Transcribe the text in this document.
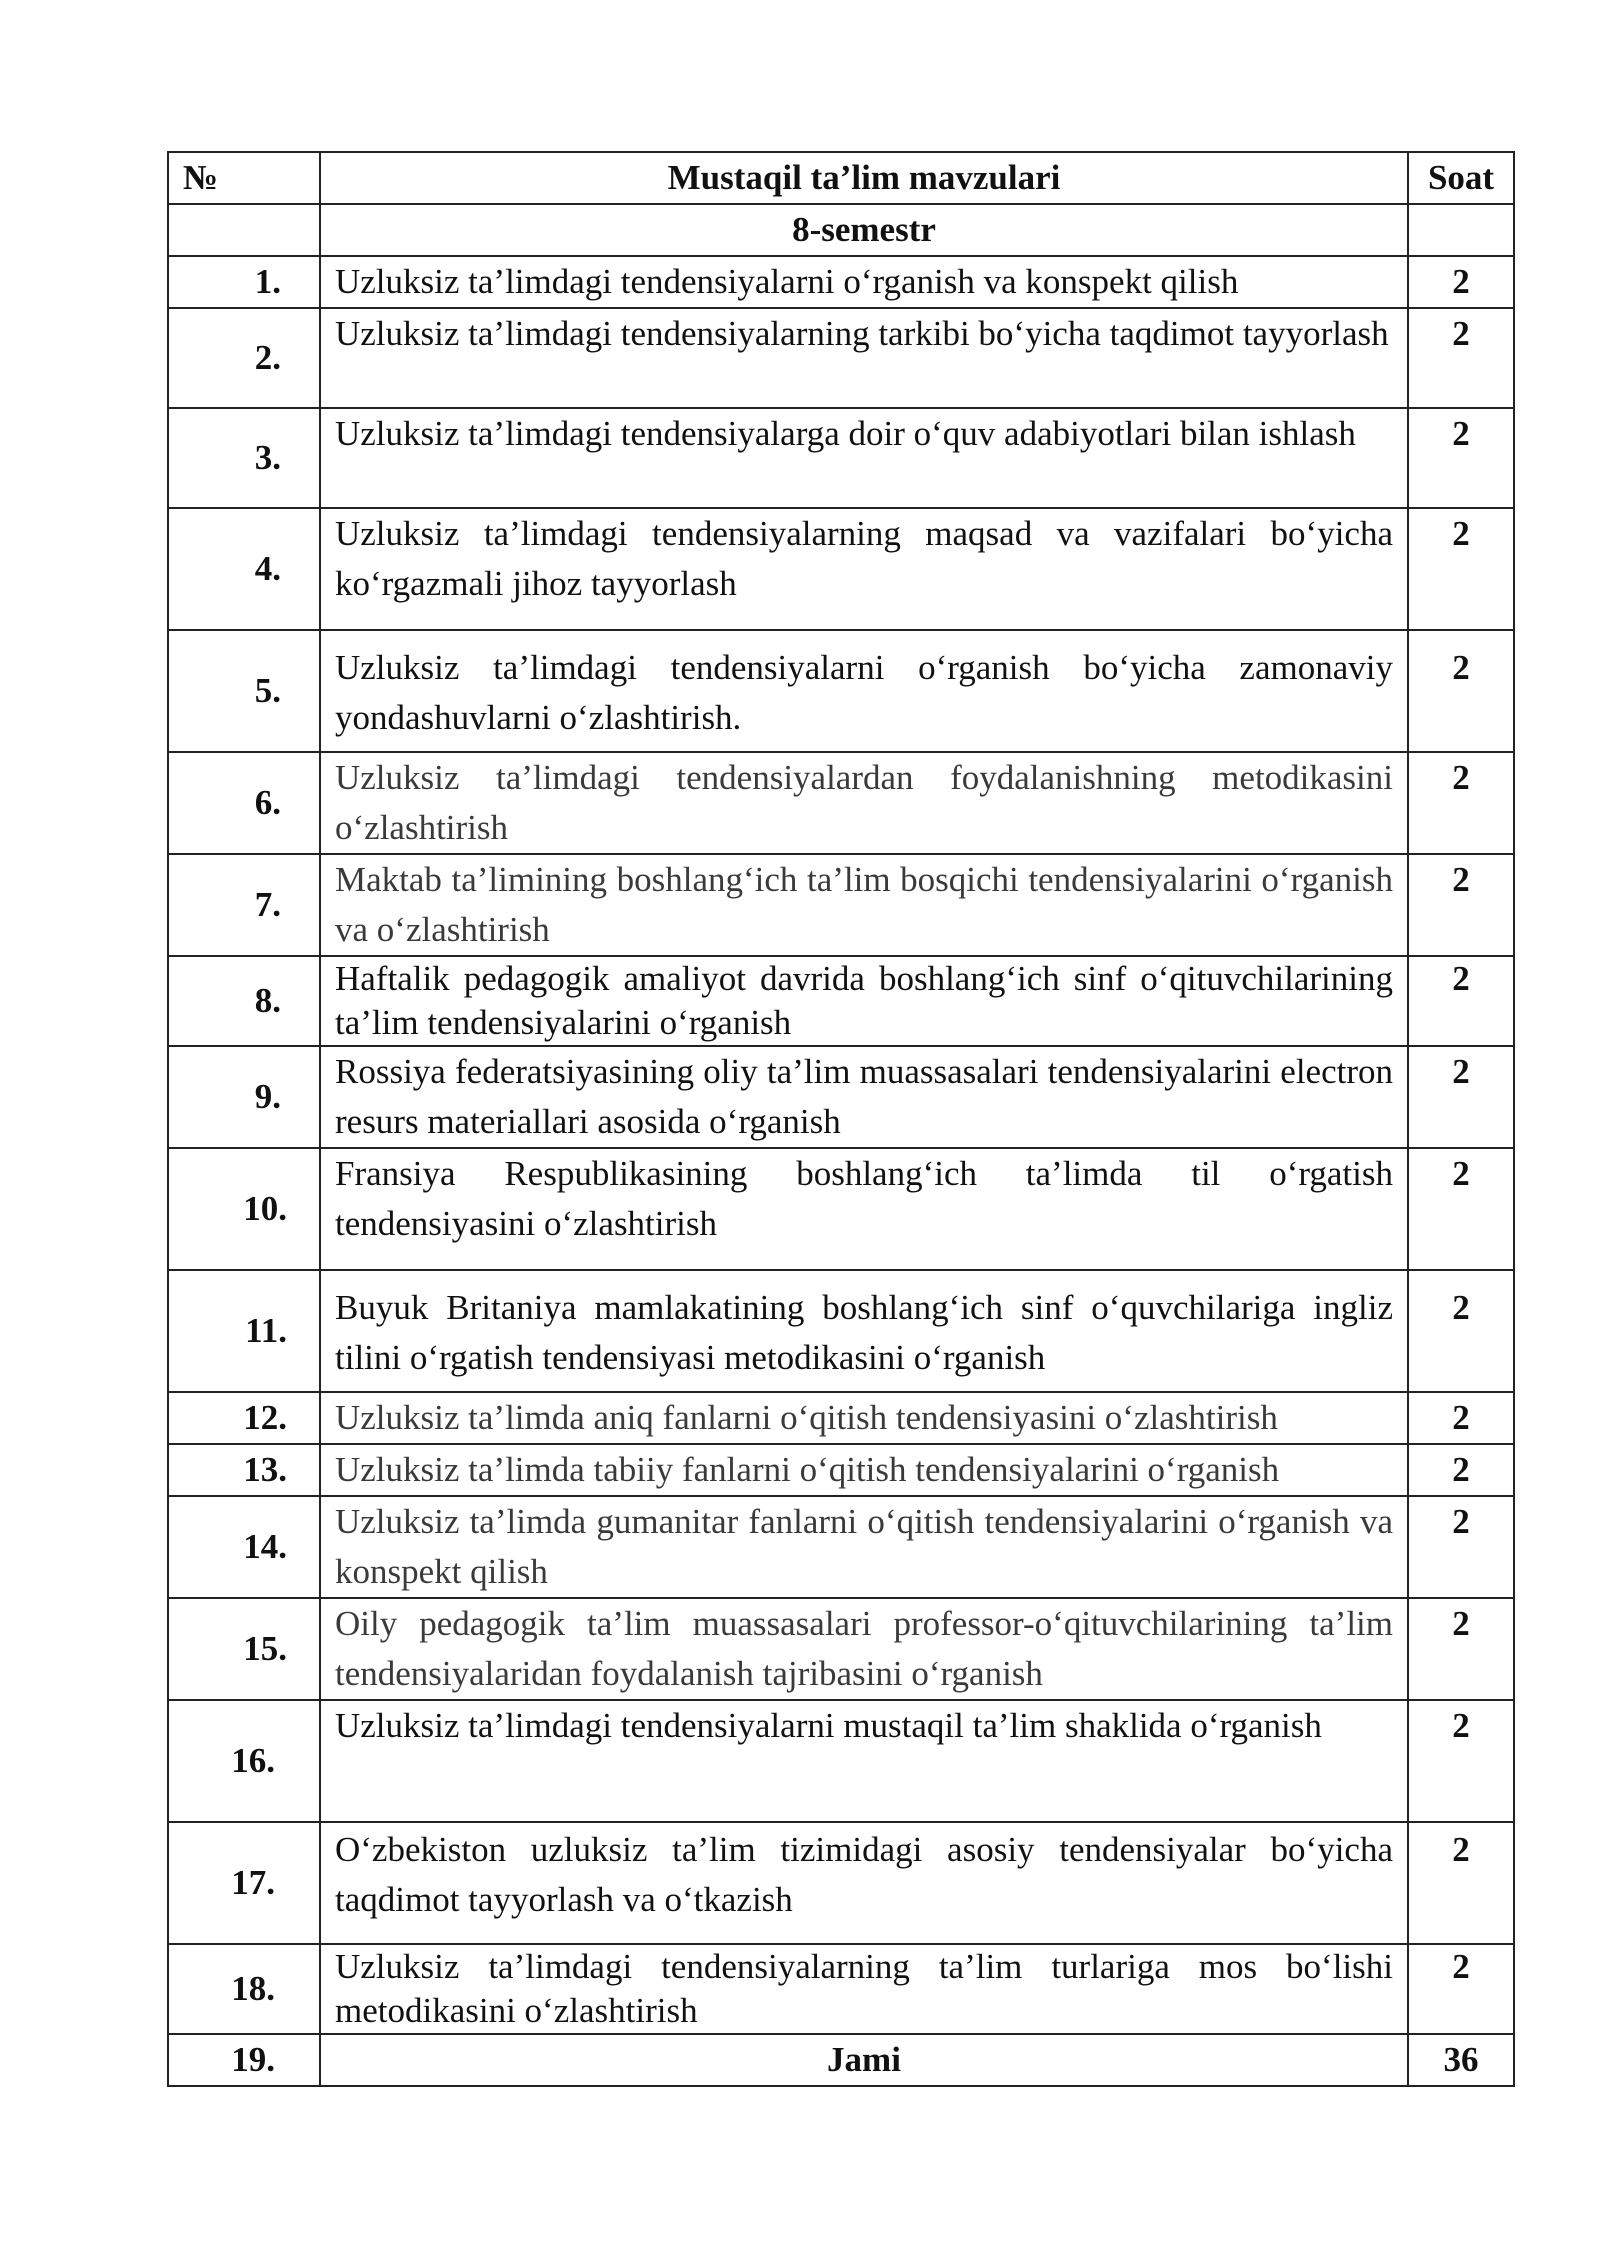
№	Mustaqil ta’lim mavzulari	Soat
	8-semestr	
1.	Uzluksiz ta’limdagi tendensiyalarni o‘rganish va konspekt qilish	2
2.	Uzluksiz ta’limdagi tendensiyalarning tarkibi bo‘yicha taqdimot tayyorlash	2
3.	Uzluksiz ta’limdagi tendensiyalarga doir o‘quv adabiyotlari bilan ishlash	2
4.	Uzluksiz ta’limdagi tendensiyalarning maqsad va vazifalari bo‘yicha ko‘rgazmali jihoz tayyorlash	2
5.	Uzluksiz ta’limdagi tendensiyalarni o‘rganish bo‘yicha zamonaviy yondashuvlarni o‘zlashtirish.	2
6.	Uzluksiz ta’limdagi tendensiyalardan foydalanishning metodikasini o‘zlashtirish	2
7.	Maktab ta’limining boshlang‘ich ta’lim bosqichi tendensiyalarini o‘rganish va o‘zlashtirish	2
8.	Haftalik pedagogik amaliyot davrida boshlang‘ich sinf o‘qituvchilarining ta’lim tendensiyalarini o‘rganish	2
9.	Rossiya federatsiyasining oliy ta’lim muassasalari tendensiyalarini electron resurs materiallari asosida o‘rganish	2
10.	Fransiya Respublikasining boshlang‘ich ta’limda til o‘rgatish tendensiyasini o‘zlashtirish	2
11.	Buyuk Britaniya mamlakatining boshlang‘ich sinf o‘quvchilariga ingliz tilini o‘rgatish tendensiyasi metodikasini o‘rganish	2
12.	Uzluksiz ta’limda aniq fanlarni o‘qitish tendensiyasini o‘zlashtirish	2
13.	Uzluksiz ta’limda tabiiy fanlarni o‘qitish tendensiyalarini o‘rganish	2
14.	Uzluksiz ta’limda gumanitar fanlarni o‘qitish tendensiyalarini o‘rganish va konspekt qilish	2
15.	Oily pedagogik ta’lim muassasalari professor-o‘qituvchilarining ta’lim tendensiyalaridan foydalanish tajribasini o‘rganish	2
16.	Uzluksiz ta’limdagi tendensiyalarni mustaqil ta’lim shaklida o‘rganish	2
17.	O‘zbekiston uzluksiz ta’lim tizimidagi asosiy tendensiyalar bo‘yicha taqdimot tayyorlash va o‘tkazish	2
18.	Uzluksiz ta’limdagi tendensiyalarning ta’lim turlariga mos bo‘lishi metodikasini o‘zlashtirish	2
19.	Jami	36
